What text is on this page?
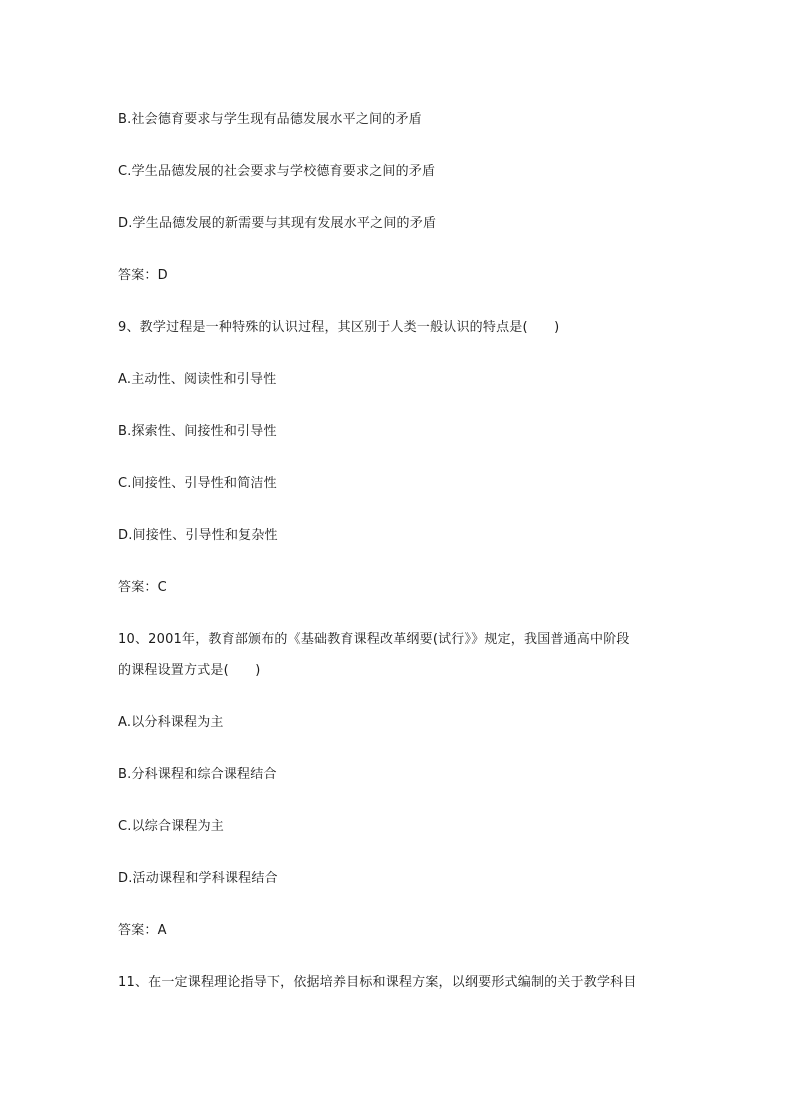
B.社会德育要求与学生现有品德发展水平之间的矛盾
C.学生品德发展的社会要求与学校德育要求之间的矛盾
D.学生品德发展的新需要与其现有发展水平之间的矛盾
答案：D
9、教学过程是一种特殊的认识过程，其区别于人类一般认识的特点是(　　)
A.主动性、阅读性和引导性
B.探索性、间接性和引导性
C.间接性、引导性和简洁性
D.间接性、引导性和复杂性
答案：C
10、2001年，教育部颁布的《基础教育课程改革纲要(试行》》规定，我国普通高中阶段
的课程设置方式是(　　)
A.以分科课程为主
B.分科课程和综合课程结合
C.以综合课程为主
D.活动课程和学科课程结合
答案：A
11、在一定课程理论指导下，依据培养目标和课程方案，以纲要形式编制的关于教学科目
